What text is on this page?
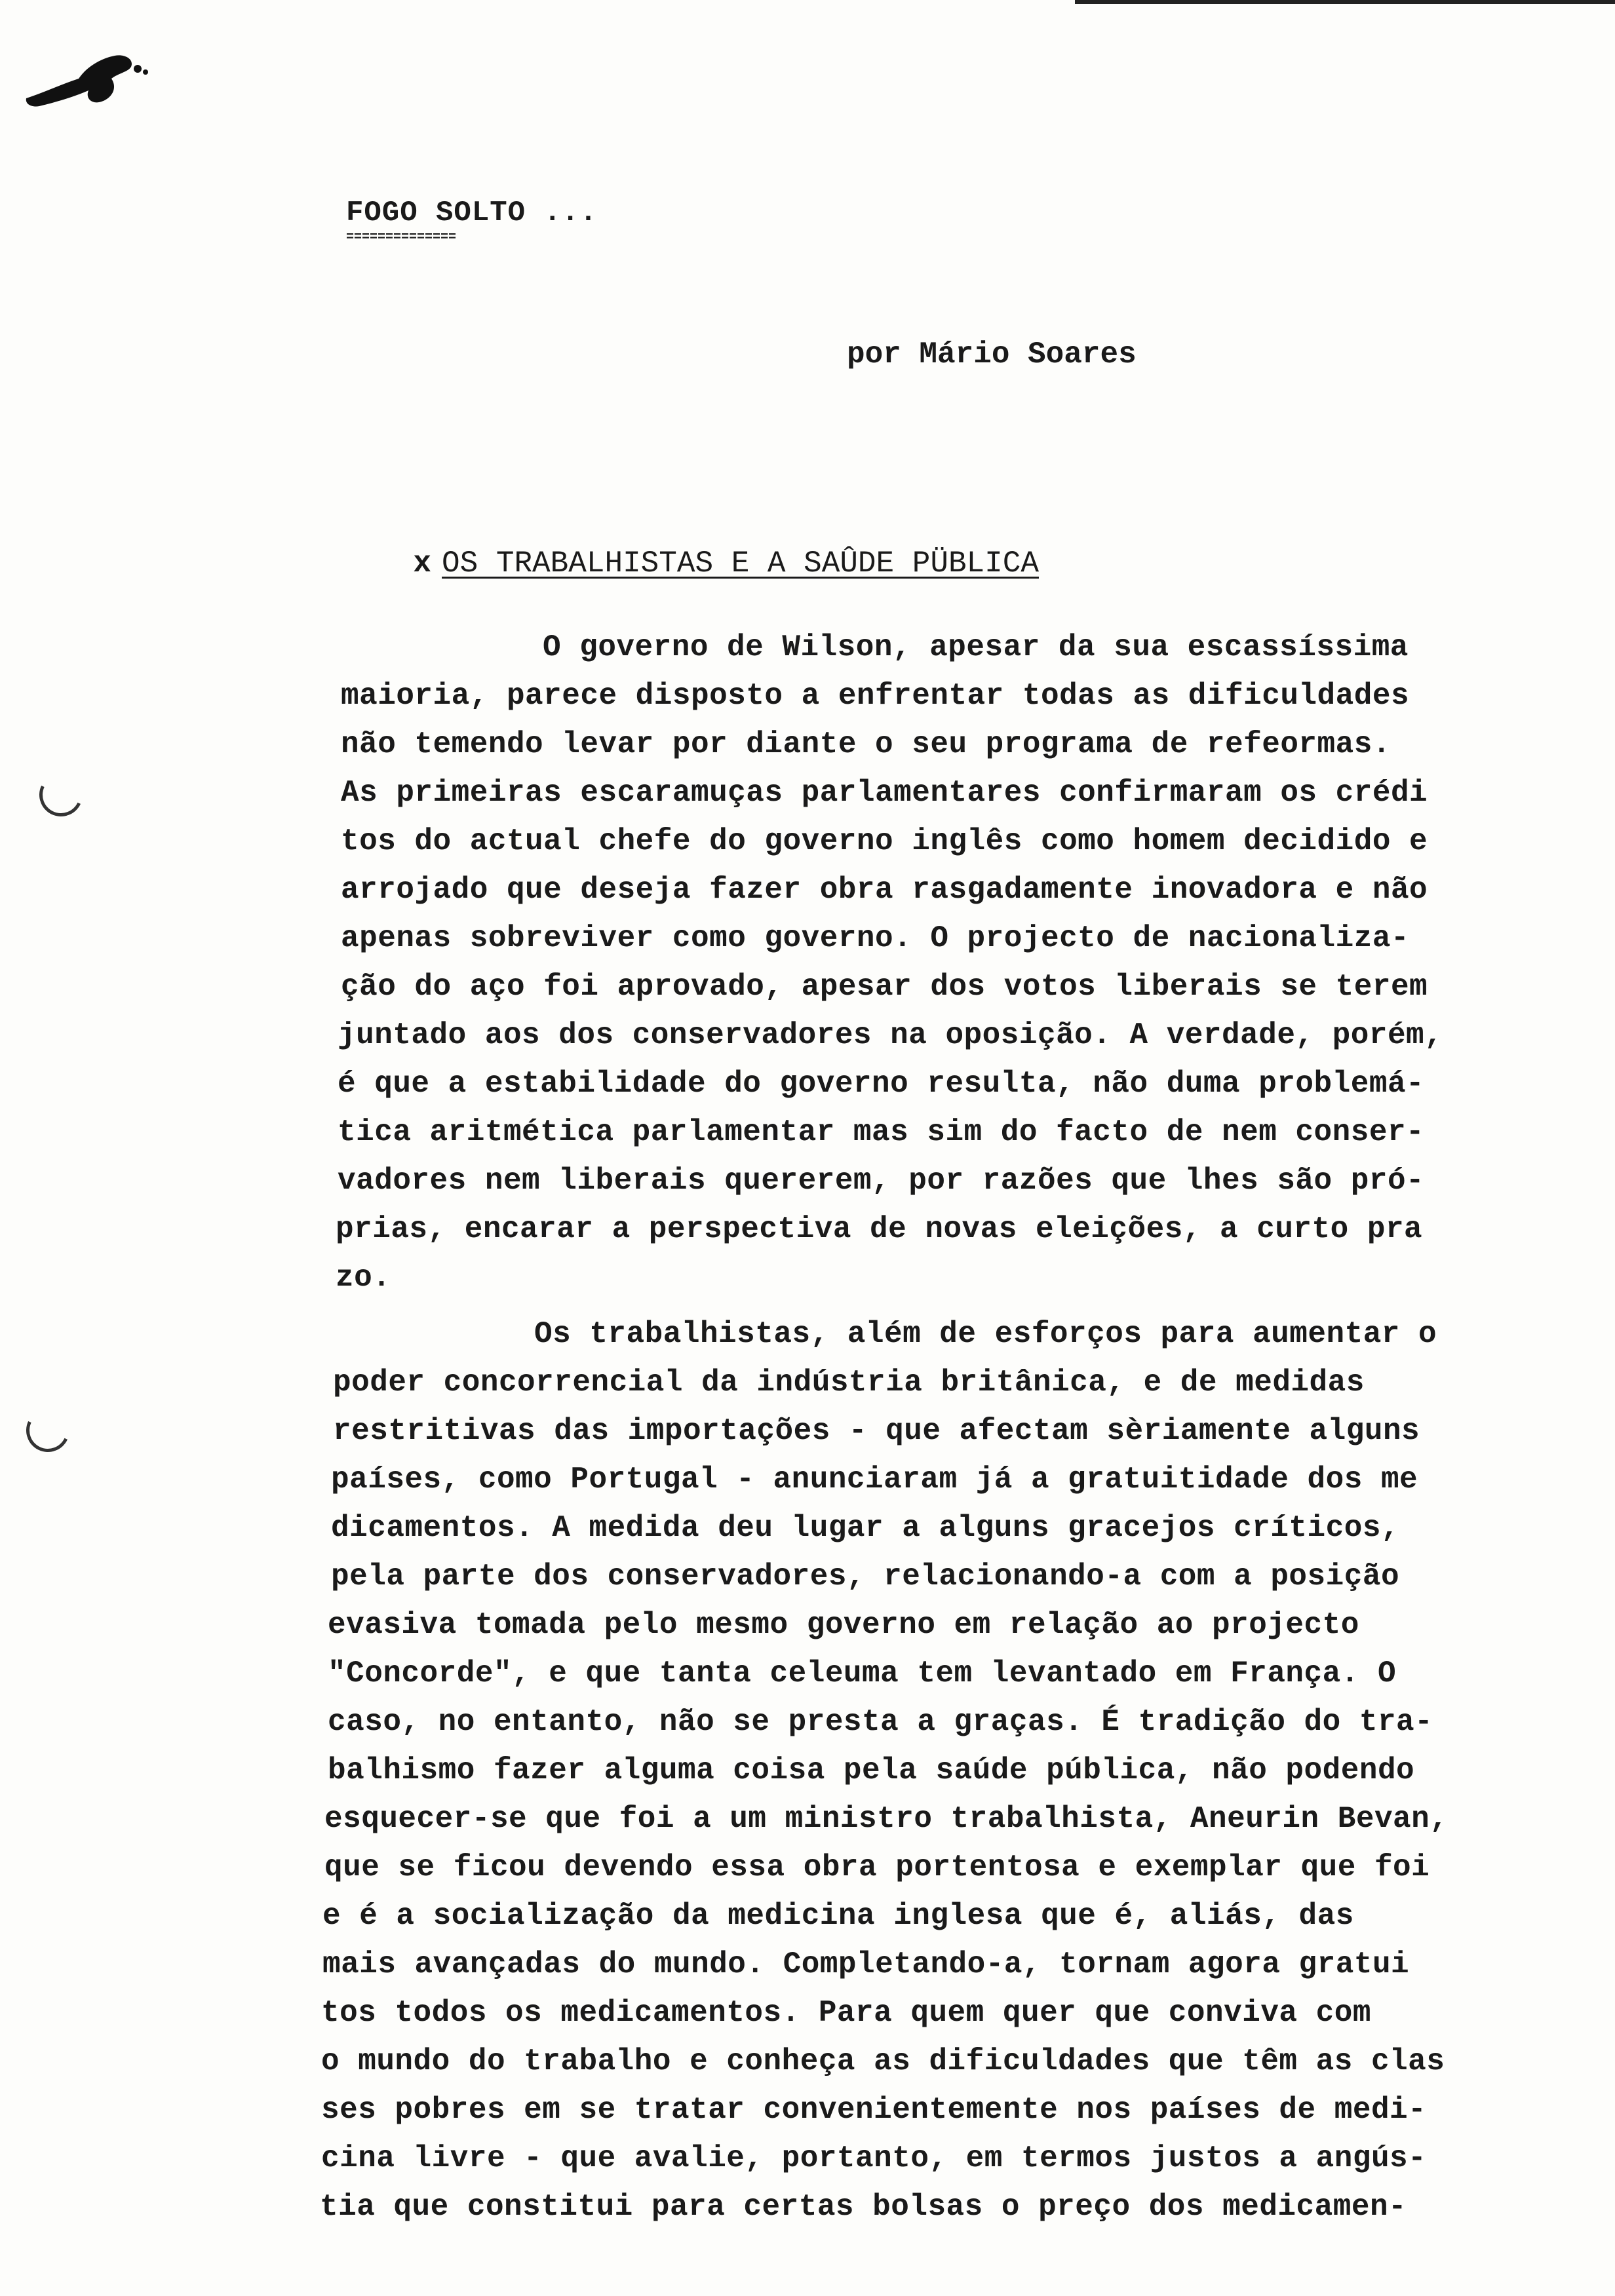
FOGO SOLTO ...
==============
por Mário Soares

x OS TRABALHISTAS E A SAÛDE PÜBLICA

O governo de Wilson, apesar da sua escassíssima
maioria, parece disposto a enfrentar todas as dificuldades
não temendo levar por diante o seu programa de refeormas.
As primeiras escaramuças parlamentares confirmaram os crédi
tos do actual chefe do governo inglês como homem decidido e
arrojado que deseja fazer obra rasgadamente inovadora e não
apenas sobreviver como governo. O projecto de nacionaliza-
ção do aço foi aprovado, apesar dos votos liberais se terem
juntado aos dos conservadores na oposição. A verdade, porém,
é que a estabilidade do governo resulta, não duma problemá-
tica aritmética parlamentar mas sim do facto de nem conser-
vadores nem liberais quererem, por razões que lhes são pró-
prias, encarar a perspectiva de novas eleições, a curto pra
zo.
Os trabalhistas, além de esforços para aumentar o
poder concorrencial da indústria britânica, e de medidas
restritivas das importações - que afectam sèriamente alguns
países, como Portugal - anunciaram já a gratuitidade dos me
dicamentos. A medida deu lugar a alguns gracejos críticos,
pela parte dos conservadores, relacionando-a com a posição
evasiva tomada pelo mesmo governo em relação ao projecto
"Concorde", e que tanta celeuma tem levantado em França. O
caso, no entanto, não se presta a graças. É tradição do tra-
balhismo fazer alguma coisa pela saúde pública, não podendo
esquecer-se que foi a um ministro trabalhista, Aneurin Bevan,
que se ficou devendo essa obra portentosa e exemplar que foi
e é a socialização da medicina inglesa que é, aliás, das
mais avançadas do mundo. Completando-a, tornam agora gratui
tos todos os medicamentos. Para quem quer que conviva com
o mundo do trabalho e conheça as dificuldades que têm as clas
ses pobres em se tratar convenientemente nos países de medi-
cina livre - que avalie, portanto, em termos justos a angús-
tia que constitui para certas bolsas o preço dos medicamen-
